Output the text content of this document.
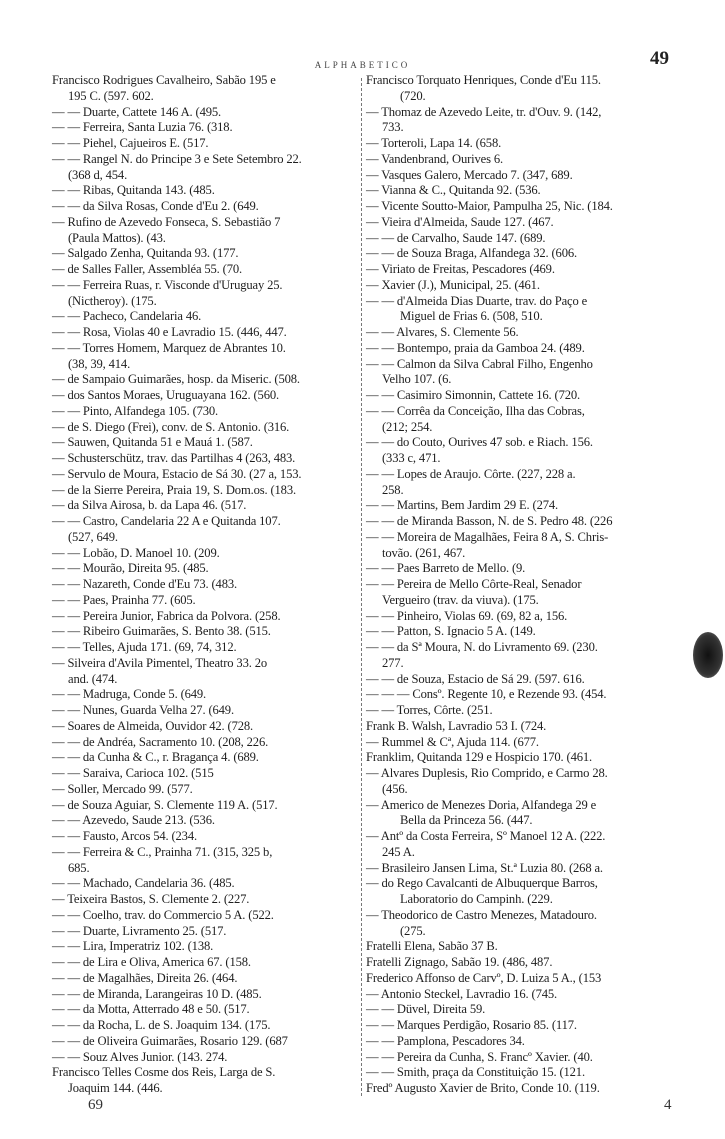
ALPHABETICO	49
Francisco Rodrigues Cavalheiro, Sabão 195 e
195 C. (597. 602.
— — Duarte, Cattete 146 A. (495.
— — Ferreira, Santa Luzia 76. (318.
— — Piehel, Cajueiros E. (517.
— — Rangel N. do Principe 3 e Sete Setembro 22.
(368 d, 454.
— — Ribas, Quitanda 143. (485.
— — da Silva Rosas, Conde d'Eu 2. (649.
— Rufino de Azevedo Fonseca, S. Sebastião 7
(Paula Mattos). (43.
— Salgado Zenha, Quitanda 93. (177.
— de Salles Faller, Assembléa 55. (70.
— — Ferreira Ruas, r. Visconde d'Uruguay 25.
(Nictheroy). (175.
— — Pacheco, Candelaria 46.
— — Rosa, Violas 40 e Lavradio 15. (446, 447.
— — Torres Homem, Marquez de Abrantes 10.
(38, 39, 414.
— de Sampaio Guimarães, hosp. da Miseric. (508.
— dos Santos Moraes, Uruguayana 162. (560.
— — Pinto, Alfandega 105. (730.
— de S. Diego (Frei), conv. de S. Antonio. (316.
— Sauwen, Quitanda 51 e Mauá 1. (587.
— Schusterschütz, trav. das Partilhas 4 (263, 483.
— Servulo de Moura, Estacio de Sá 30. (27 a, 153.
— de la Sierre Pereira, Praia 19, S. Dom.os. (183.
— da Silva Airosa, b. da Lapa 46. (517.
— — Castro, Candelaria 22 A e Quitanda 107.
(527, 649.
— — Lobão, D. Manoel 10. (209.
— — Mourão, Direita 95. (485.
— — Nazareth, Conde d'Eu 73. (483.
— — Paes, Prainha 77. (605.
— — Pereira Junior, Fabrica da Polvora. (258.
— — Ribeiro Guimarães, S. Bento 38. (515.
— — Telles, Ajuda 171. (69, 74, 312.
— Silveira d'Avila Pimentel, Theatro 33. 2o
and. (474.
— — Madruga, Conde 5. (649.
— — Nunes, Guarda Velha 27. (649.
— Soares de Almeida, Ouvidor 42. (728.
— — de Andréa, Sacramento 10. (208, 226.
— — da Cunha & C., r. Bragança 4. (689.
— — Saraiva, Carioca 102. (515
— Soller, Mercado 99. (577.
— de Souza Aguiar, S. Clemente 119 A. (517.
— — Azevedo, Saude 213. (536.
— — Fausto, Arcos 54. (234.
— — Ferreira & C., Prainha 71. (315, 325 b,
685.
— — Machado, Candelaria 36. (485.
— Teixeira Bastos, S. Clemente 2. (227.
— — Coelho, trav. do Commercio 5 A. (522.
— — Duarte, Livramento 25. (517.
— — Lira, Imperatriz 102. (138.
— — de Lira e Oliva, America 67. (158.
— — de Magalhães, Direita 26. (464.
— — de Miranda, Larangeiras 10 D. (485.
— — da Motta, Atterrado 48 e 50. (517.
— — da Rocha, L. de S. Joaquim 134. (175.
— — de Oliveira Guimarães, Rosario 129. (687
— — Souz Alves Junior. (143. 274.
Francisco Telles Cosme dos Reis, Larga de S.
Joaquim 144. (446.
Francisco Torquato Henriques, Conde d'Eu 115.
(720.
— Thomaz de Azevedo Leite, tr. d'Ouv. 9. (142,
733.
— Torteroli, Lapa 14. (658.
— Vandenbrand, Ourives 6.
— Vasques Galero, Mercado 7. (347, 689.
— Vianna & C., Quitanda 92. (536.
— Vicente Soutto-Maior, Pampulha 25, Nic. (184.
— Vieira d'Almeida, Saude 127. (467.
— — de Carvalho, Saude 147. (689.
— — de Souza Braga, Alfandega 32. (606.
— Viriato de Freitas, Pescadores (469.
— Xavier (J.), Municipal, 25. (461.
— — d'Almeida Dias Duarte, trav. do Paço e
Miguel de Frias 6. (508, 510.
— — Alvares, S. Clemente 56.
— — Bontempo, praia da Gamboa 24. (489.
— — Calmon da Silva Cabral Filho, Engenho
Velho 107. (6.
— — Casimiro Simonnin, Cattete 16. (720.
— — Corrêa da Conceição, Ilha das Cobras,
(212; 254.
— — do Couto, Ourives 47 sob. e Riach. 156.
(333 c, 471.
— — Lopes de Araujo. Côrte. (227, 228 a.
258.
— — Martins, Bem Jardim 29 E. (274.
— — de Miranda Basson, N. de S. Pedro 48. (226
— — Moreira de Magalhães, Feira 8 A, S. Chris-
tovão. (261, 467.
— — Paes Barreto de Mello. (9.
— — Pereira de Mello Côrte-Real, Senador
Vergueiro (trav. da viuva). (175.
— — Pinheiro, Violas 69. (69, 82 a, 156.
— — Patton, S. Ignacio 5 A. (149.
— — da Sª Moura, N. do Livramento 69. (230.
277.
— — de Souza, Estacio de Sá 29. (597. 616.
— — — Consº. Regente 10, e Rezende 93. (454.
— — Torres, Côrte. (251.
Frank B. Walsh, Lavradio 53 I. (724.
— Rummel & Cª, Ajuda 114. (677.
Franklim, Quitanda 129 e Hospicio 170. (461.
— Alvares Duplesis, Rio Comprido, e Carmo 28.
(456.
— Americo de Menezes Doria, Alfandega 29 e
Bella da Princeza 56. (447.
— Antº da Costa Ferreira, Sº Manoel 12 A. (222.
245 A.
— Brasileiro Jansen Lima, St.ª Luzia 80. (268 a.
— do Rego Cavalcanti de Albuquerque Barros,
Laboratorio do Campinh. (229.
— Theodorico de Castro Menezes, Matadouro.
(275.
Fratelli Elena, Sabão 37 B.
Fratelli Zignago, Sabão 19. (486, 487.
Frederico Affonso de Carvº, D. Luiza 5 A., (153
— Antonio Steckel, Lavradio 16. (745.
— — Düvel, Direita 59.
— — Marques Perdigão, Rosario 85. (117.
— — Pamplona, Pescadores 34.
— — Pereira da Cunha, S. Francº Xavier. (40.
— — Smith, praça da Constituição 15. (121.
Fredº Augusto Xavier de Brito, Conde 10. (119.
69	4
